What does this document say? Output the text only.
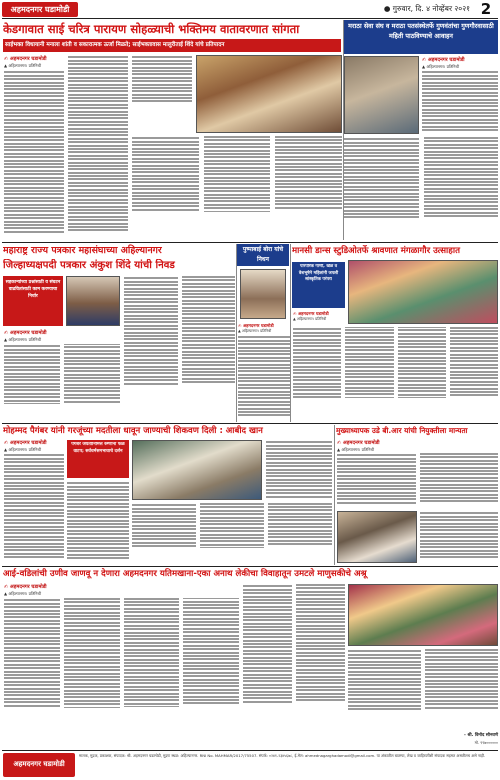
अहमदनगर घडामोडी	● गुरुवार, दि. ४ नोव्हेंबर २०२१ 2
केडगावात साई चरित्र पारायण सोहळ्याची भक्तिमय वातावरणात सांगता
साईभक्त विधायानी मनाला शांती व सकारात्मक ऊर्जा मिळते; साईभक्तावास मालुरीताई शिंदे यांचे प्रतिपादन
✍ अहमदनगर घडामोडी
▲ अहिल्यानगर। प्रतिनिधी
मराठा सेवा संघ व मराठा पतसंस्थेतर्फे गुणवंतांचा गुणगौरवासाठी महिती पाठविण्याचे आवाहन
✍ अहमदनगर घडामोडी
▲ अहिल्यानगर। प्रतिनिधी
महाराष्ट्र राज्य पत्रकार महासंघाच्या अहिल्यानगर
जिल्हाध्यक्षपदी पत्रकार अंकुश शिंदे यांची निवड
सहकाऱ्यांच्या प्रश्नांसाठी व संघटन वाढवितांसाठी काम करण्याचा निर्धार
✍ अहमदनगर घडामोडी
▲ अहिल्यानगर। प्रतिनिधी
पुष्पाबाई बोरा यांचे निधन
✍ अहमदनगर घडामोडी
▲ अहिल्यानगर। प्रतिनिधी
मानसी डान्स स्टुडिओतर्फे श्रावणात मंगळागौर उत्साहात
पारंपरिक गाणी, खेळ व वेशभूषेने महिलांनी जपली सांस्कृतिक परंपरा
✍ अहमदनगर घडामोडी
▲ अहिल्यानगर। प्रतिनिधी
मोहम्मद पैगंबर यांनी गरजूंच्या मदतीला धावून जाण्याची शिकवण दिली : आबीद खान
✍ अहमदनगर घडामोडी
▲ अहिल्यानगर। प्रतिनिधी
पैगंबर जयंतीनिमित्त रुग्णांना फळ वाटप; सर्वधर्मसमभावाचे दर्शन
मुख्याध्यापक उडे बी.आर यांची नियुक्तीला मान्यता
✍ अहमदनगर घडामोडी
▲ अहिल्यानगर। प्रतिनिधी
आई-वडिलांची उणीव जाणवू न देणारा अहमदनगर यतिमखाना-एका अनाथ लेकीचा विवाहातून उमटले माणुसकीचे अश्रू
✍ अहमदनगर घडामोडी
▲ अहिल्यानगर। प्रतिनिधी
- श्री. विनोद सोनवणे
मो. ९९७००००००
अहमदनगर घडामोडी
मालक, मुद्रक, प्रकाशक, संपादक: श्री. अहमदनगर घडामोडी, मुद्रण स्थळ: अहिल्यानगर. RNI No. MAHMAR/2017/75507. संपर्क: ०२४१-२३४५६७८, ई-मेल: ahmednagarghadamodi@gmail.com. या अंकातील बातम्या, लेख व जाहिरातींशी संपादक सहमत असतीलच असे नाही.
